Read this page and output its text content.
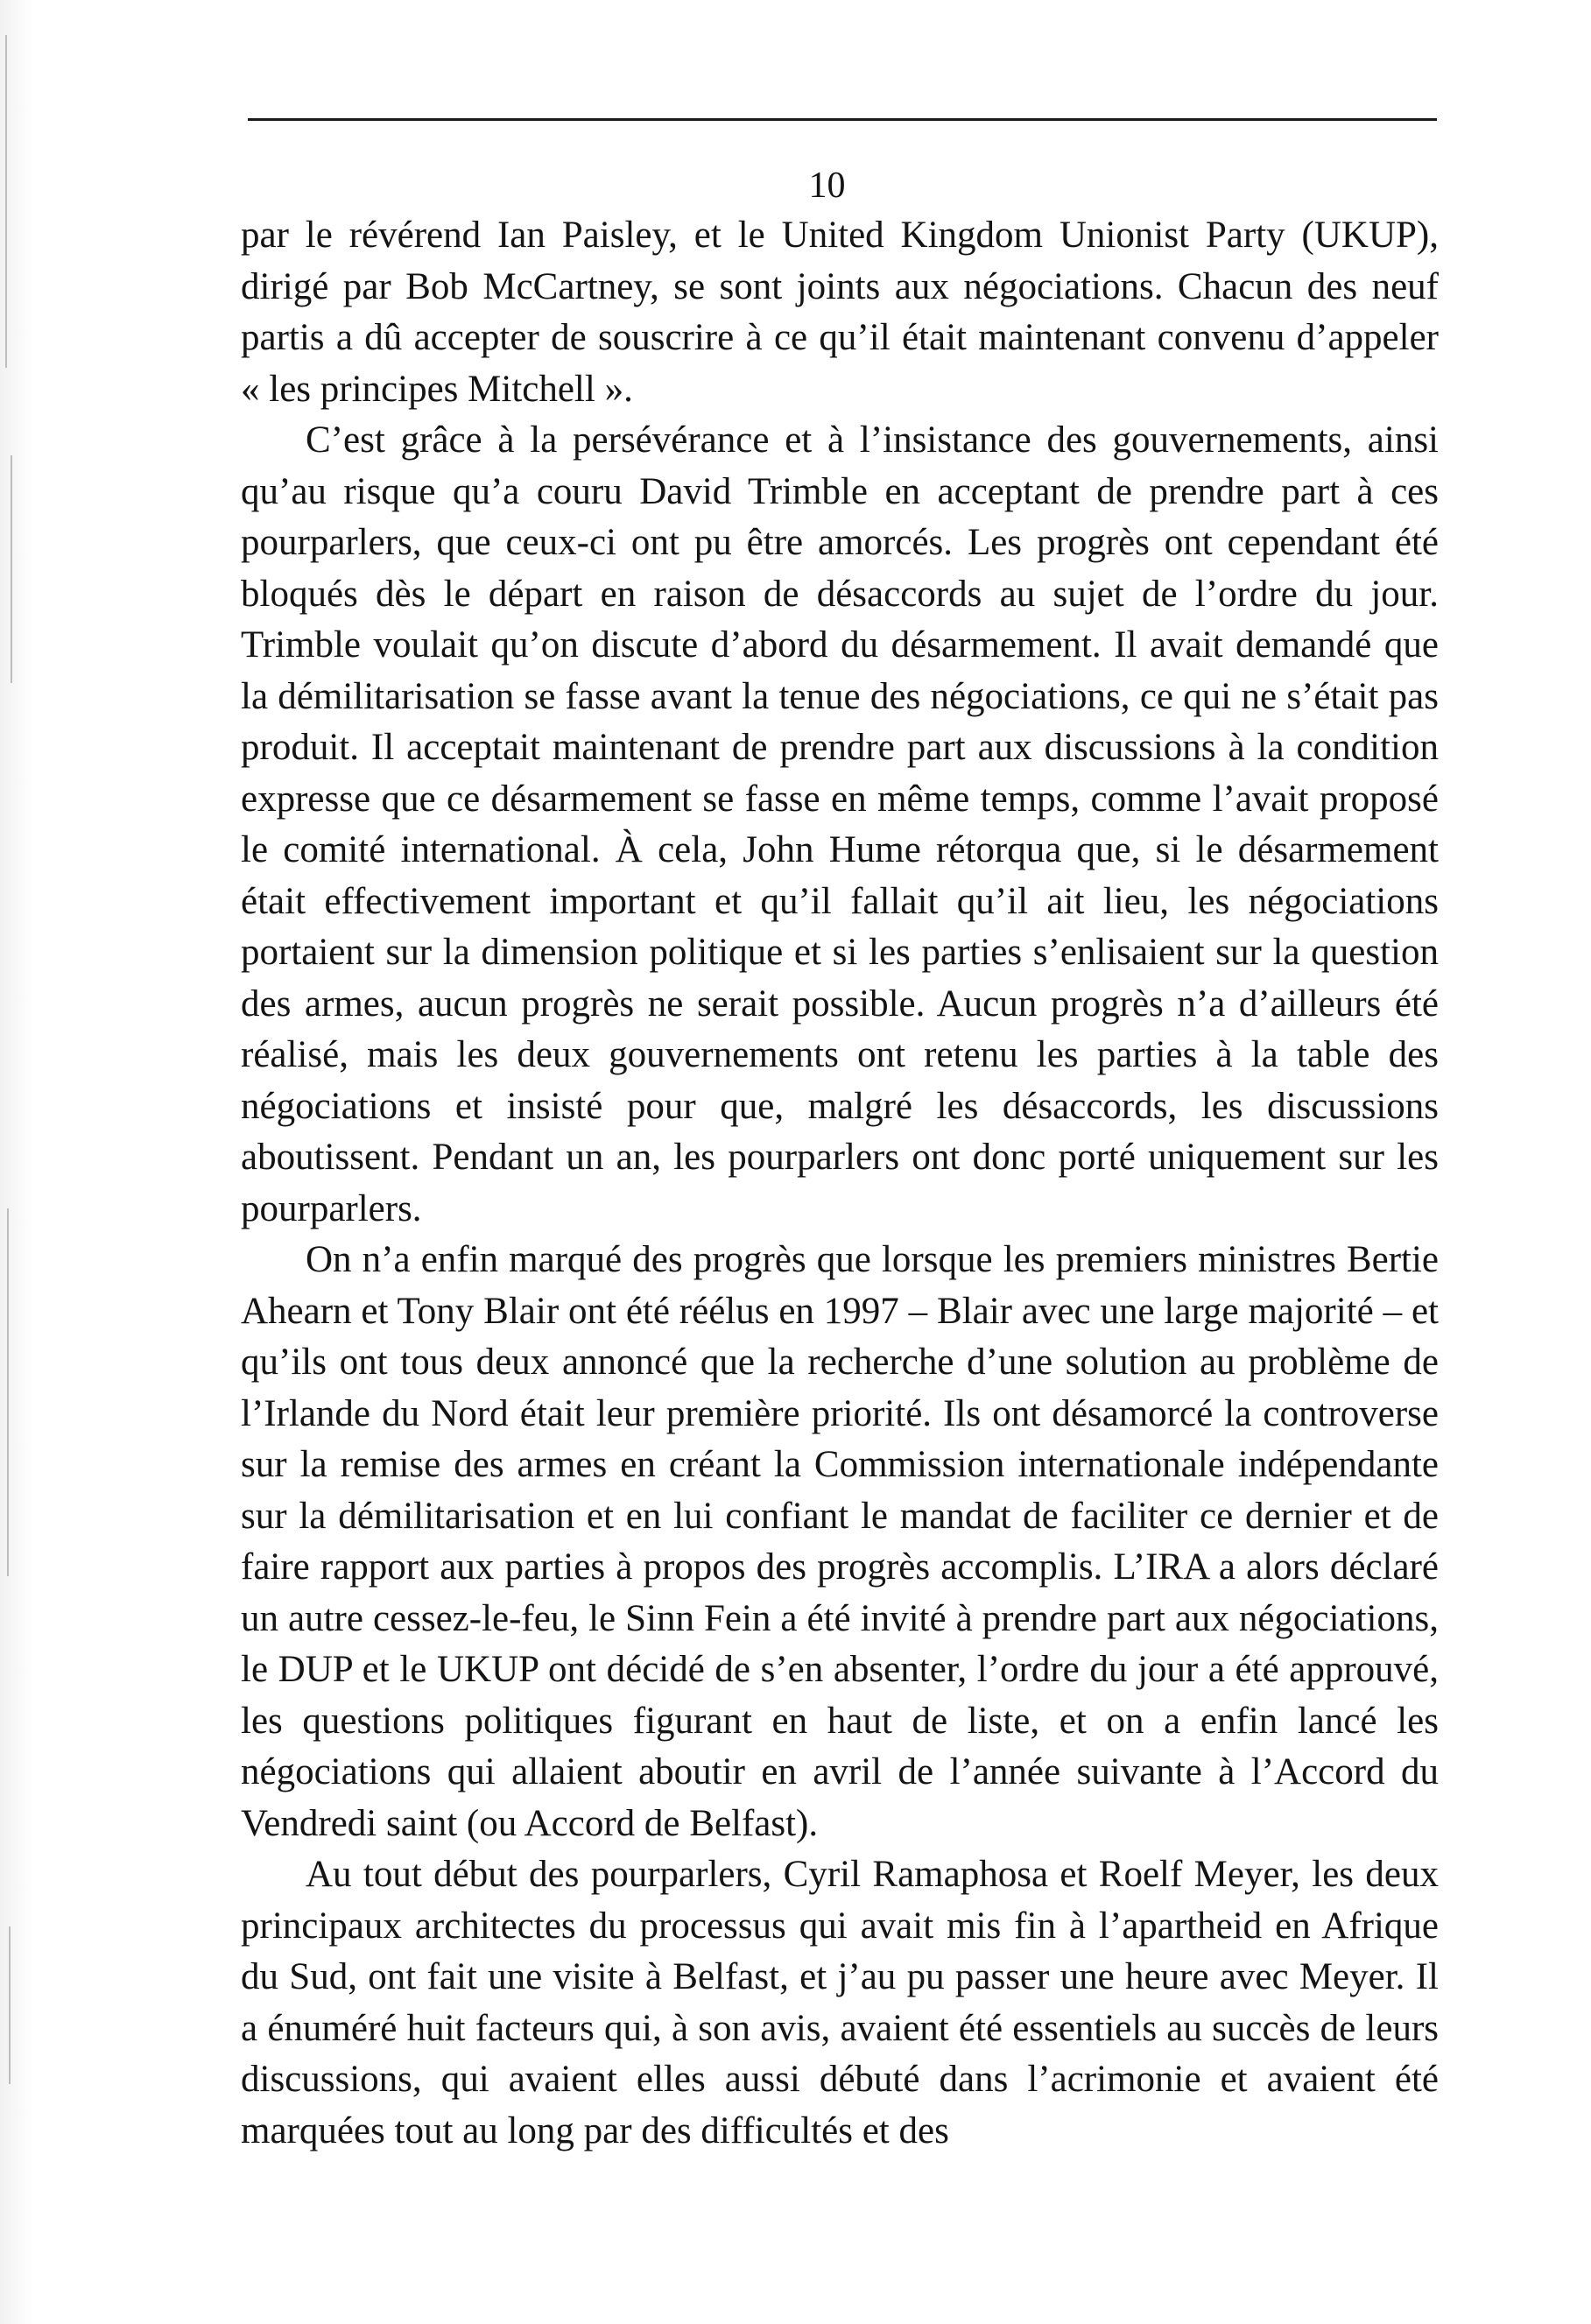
10

par le révérend Ian Paisley, et le United Kingdom Unionist Party (UKUP), dirigé par Bob McCartney, se sont joints aux négociations. Chacun des neuf partis a dû accepter de souscrire à ce qu’il était maintenant convenu d’appeler « les principes Mitchell ».

C’est grâce à la persévérance et à l’insistance des gouvernements, ainsi qu’au risque qu’a couru David Trimble en acceptant de prendre part à ces pourparlers, que ceux-ci ont pu être amorcés. Les progrès ont cependant été bloqués dès le départ en raison de désaccords au sujet de l’ordre du jour. Trimble voulait qu’on discute d’abord du désarmement. Il avait demandé que la démilitarisation se fasse avant la tenue des négociations, ce qui ne s’était pas produit. Il acceptait maintenant de prendre part aux discussions à la condition expresse que ce désarmement se fasse en même temps, comme l’avait proposé le comité international. À cela, John Hume rétorqua que, si le désarmement était effectivement important et qu’il fallait qu’il ait lieu, les négociations portaient sur la dimension politique et si les parties s’enlisaient sur la question des armes, aucun progrès ne serait possible. Aucun progrès n’a d’ailleurs été réalisé, mais les deux gouvernements ont retenu les parties à la table des négociations et insisté pour que, malgré les désaccords, les discussions aboutissent. Pendant un an, les pourparlers ont donc porté uniquement sur les pourparlers.

On n’a enfin marqué des progrès que lorsque les premiers ministres Bertie Ahearn et Tony Blair ont été réélus en 1997 – Blair avec une large majorité – et qu’ils ont tous deux annoncé que la recherche d’une solution au problème de l’Irlande du Nord était leur première priorité. Ils ont désamorcé la controverse sur la remise des armes en créant la Commission internationale indépendante sur la démilitarisation et en lui confiant le mandat de faciliter ce dernier et de faire rapport aux parties à propos des progrès accomplis. L’IRA a alors déclaré un autre cessez-le-feu, le Sinn Fein a été invité à prendre part aux négociations, le DUP et le UKUP ont décidé de s’en absenter, l’ordre du jour a été approuvé, les questions politiques figurant en haut de liste, et on a enfin lancé les négociations qui allaient aboutir en avril de l’année suivante à l’Accord du Vendredi saint (ou Accord de Belfast).

Au tout début des pourparlers, Cyril Ramaphosa et Roelf Meyer, les deux principaux architectes du processus qui avait mis fin à l’apartheid en Afrique du Sud, ont fait une visite à Belfast, et j’au pu passer une heure avec Meyer. Il a énuméré huit facteurs qui, à son avis, avaient été essentiels au succès de leurs discussions, qui avaient elles aussi débuté dans l’acrimonie et avaient été marquées tout au long par des difficultés et des
